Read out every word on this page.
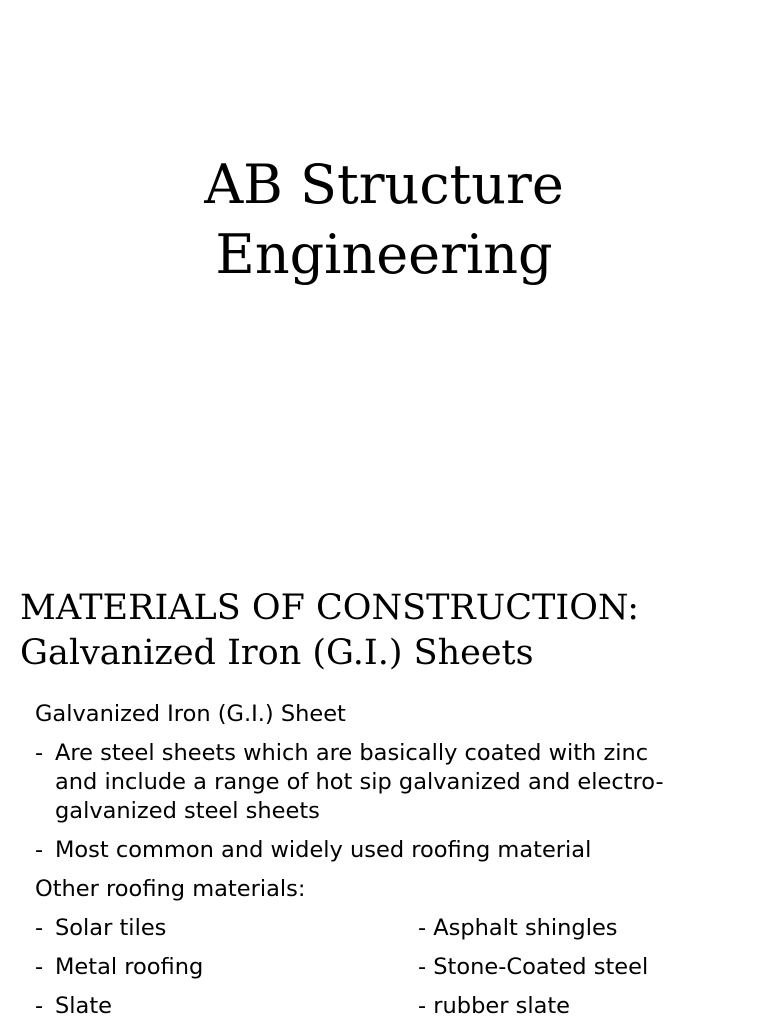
AB Structure
Engineering
MATERIALS OF CONSTRUCTION:
Galvanized Iron (G.I.) Sheets

Galvanized Iron (G.I.) Sheet

- Are steel sheets which are basically coated with zinc
and include a range of hot sip galvanized and electro-
galvanized steel sheets
- Most common and widely used roofing material

Other roofing materials:

- Solar tiles	- Asphalt shingles
- Metal roofing	- Stone-Coated steel
- Slate	- rubber slate
